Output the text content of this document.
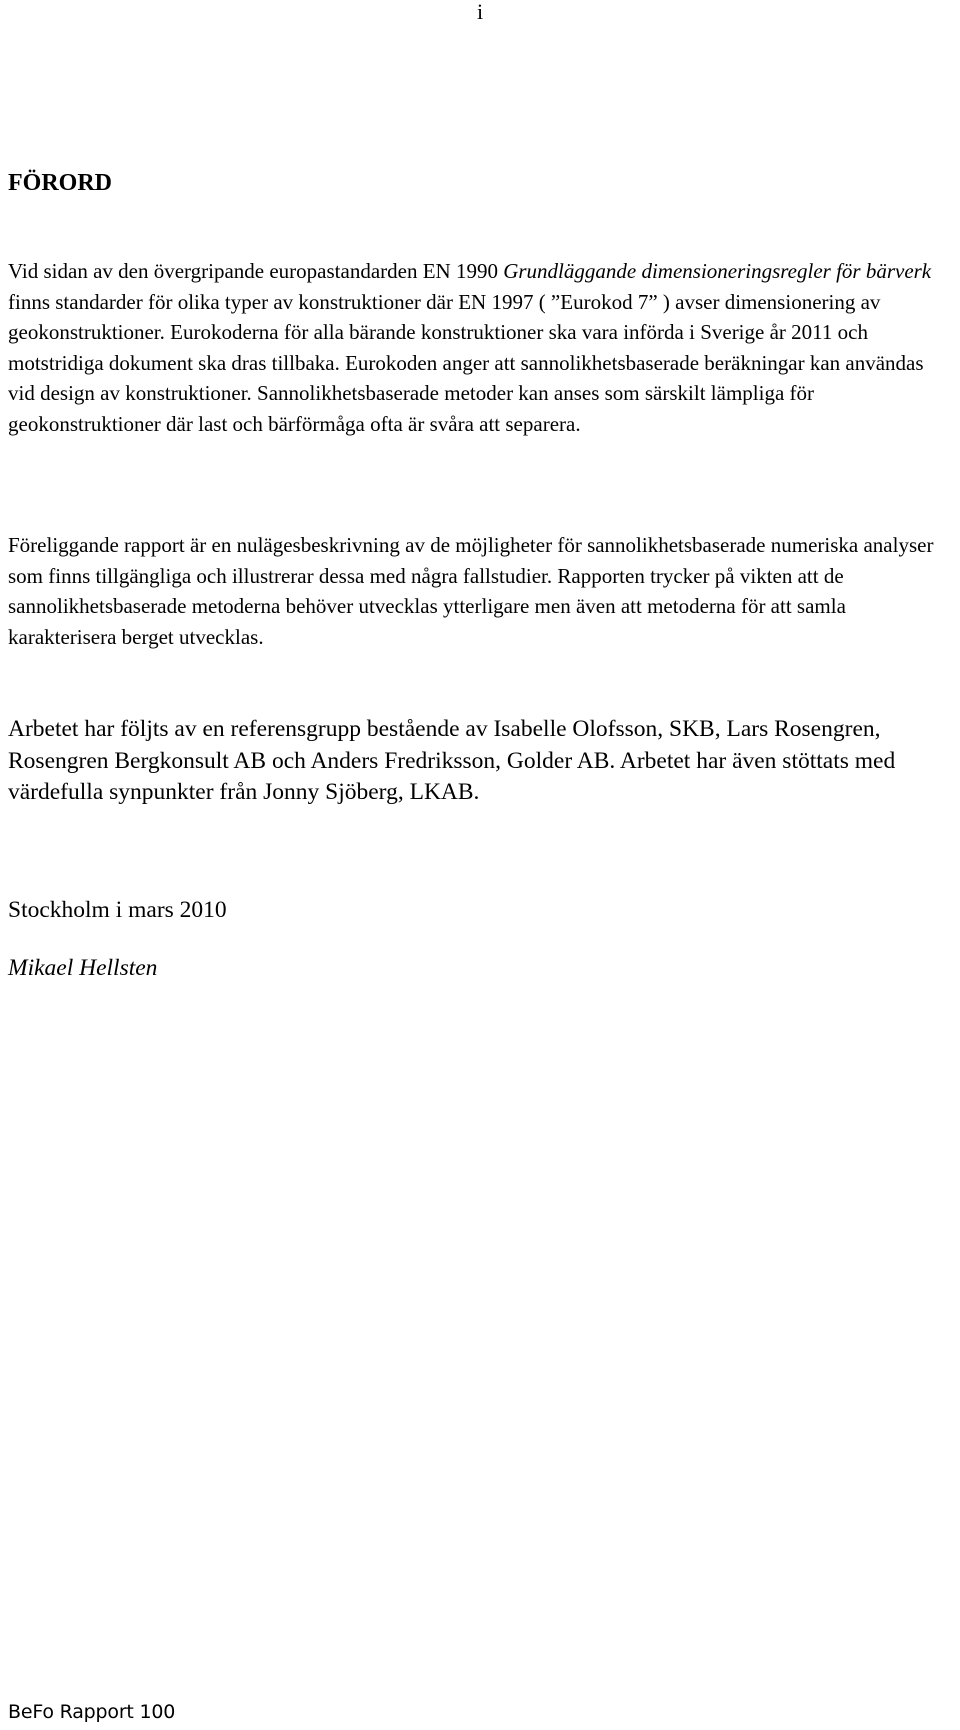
i
FÖRORD

Vid sidan av den övergripande europastandarden EN 1990 Grundläggande dimensioneringsregler för bärverk finns standarder för olika typer av konstruktioner där EN 1997 ( ”Eurokod 7” ) avser dimensionering av geokonstruktioner. Eurokoderna för alla bärande konstruktioner ska vara införda i Sverige år 2011 och motstridiga dokument ska dras tillbaka. Eurokoden anger att sannolikhetsbaserade beräkningar kan användas vid design av konstruktioner. Sannolikhetsbaserade metoder kan anses som särskilt lämpliga för geokonstruktioner där last och bärförmåga ofta är svåra att separera.

Föreliggande rapport är en nulägesbeskrivning av de möjligheter för sannolikhetsbaserade numeriska analyser som finns tillgängliga och illustrerar dessa med några fallstudier. Rapporten trycker på vikten att de sannolikhetsbaserade metoderna behöver utvecklas ytterligare men även att metoderna för att samla karakterisera berget utvecklas.

Arbetet har följts av en referensgrupp bestående av Isabelle Olofsson, SKB, Lars Rosengren, Rosengren Bergkonsult AB och Anders Fredriksson, Golder AB. Arbetet har även stöttats med värdefulla synpunkter från Jonny Sjöberg, LKAB.

Stockholm i mars 2010

Mikael Hellsten

BeFo Rapport 100
